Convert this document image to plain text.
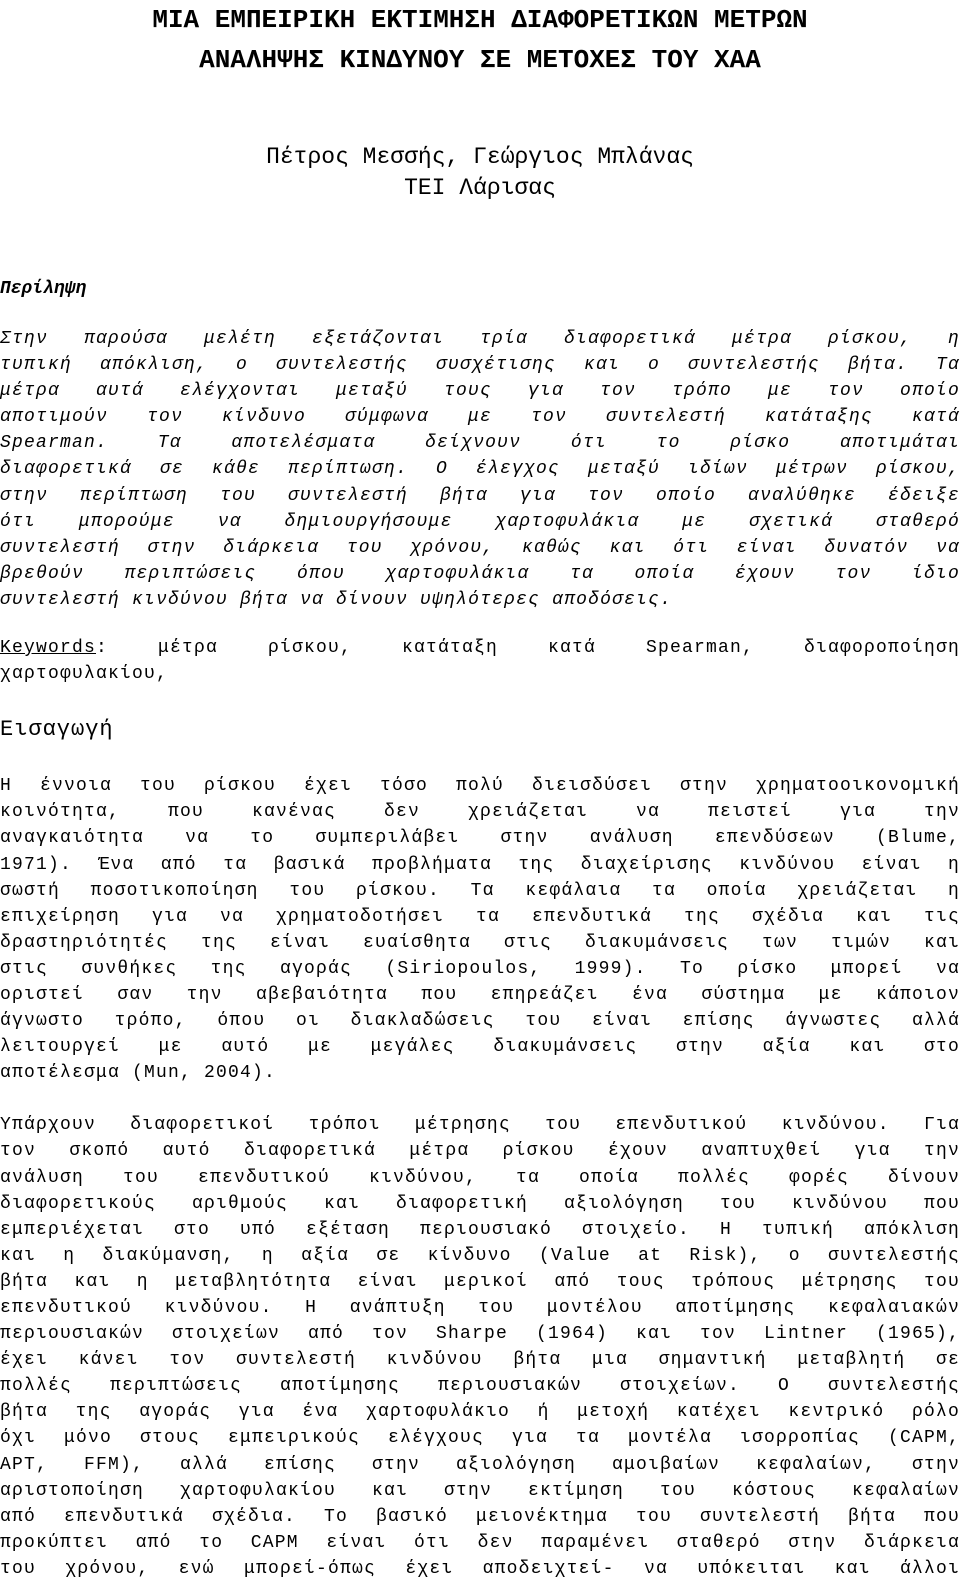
ΜΙΑ ΕΜΠΕΙΡΙΚΗ ΕΚΤΙΜΗΣΗ ΔΙΑΦΟΡΕΤΙΚΩΝ ΜΕΤΡΩΝ
ΑΝΑΛΗΨΗΣ ΚΙΝΔΥΝΟΥ ΣΕ ΜΕΤΟΧΕΣ ΤΟΥ ΧΑΑ
Πέτρος Μεσσής, Γεώργιος Μπλάνας
ΤΕΙ Λάρισας
Περίληψη
Στην παρούσα μελέτη εξετάζονται τρία διαφορετικά μέτρα ρίσκου, η
τυπική απόκλιση, ο συντελεστής συσχέτισης και ο συντελεστής βήτα. Τα
μέτρα αυτά ελέγχονται μεταξύ τους για τον τρόπο με τον οποίο
αποτιμούν τον κίνδυνο σύμφωνα με τον συντελεστή κατάταξης κατά
Spearman. Τα αποτελέσματα δείχνουν ότι το ρίσκο αποτιμάται
διαφορετικά σε κάθε περίπτωση. Ο έλεγχος μεταξύ ιδίων μέτρων ρίσκου,
στην περίπτωση του συντελεστή βήτα για τον οποίο αναλύθηκε έδειξε
ότι μπορούμε να δημιουργήσουμε χαρτοφυλάκια με σχετικά σταθερό
συντελεστή στην διάρκεια του χρόνου, καθώς και ότι είναι δυνατόν να
βρεθούν περιπτώσεις όπου χαρτοφυλάκια τα οποία έχουν τον ίδιο
συντελεστή κινδύνου βήτα να δίνουν υψηλότερες αποδόσεις.
Keywords: μέτρα ρίσκου, κατάταξη κατά Spearman, διαφοροποίηση
χαρτοφυλακίου,
Εισαγωγή
Η έννοια του ρίσκου έχει τόσο πολύ διεισδύσει στην χρηματοοικονομική
κοινότητα, που κανένας δεν χρειάζεται να πειστεί για την
αναγκαιότητα να το συμπεριλάβει στην ανάλυση επενδύσεων (Blume,
1971). Ένα από τα βασικά προβλήματα της διαχείρισης κινδύνου είναι η
σωστή ποσοτικοποίηση του ρίσκου. Τα κεφάλαια τα οποία χρειάζεται η
επιχείρηση για να χρηματοδοτήσει τα επενδυτικά της σχέδια και τις
δραστηριότητές της είναι ευαίσθητα στις διακυμάνσεις των τιμών και
στις συνθήκες της αγοράς (Siriopoulos, 1999). Το ρίσκο μπορεί να
οριστεί σαν την αβεβαιότητα που επηρεάζει ένα σύστημα με κάποιον
άγνωστο τρόπο, όπου οι διακλαδώσεις του είναι επίσης άγνωστες αλλά
λειτουργεί με αυτό με μεγάλες διακυμάνσεις στην αξία και στο
αποτέλεσμα (Mun, 2004).
Υπάρχουν διαφορετικοί τρόποι μέτρησης του επενδυτικού κινδύνου. Για
τον σκοπό αυτό διαφορετικά μέτρα ρίσκου έχουν αναπτυχθεί για την
ανάλυση του επενδυτικού κινδύνου, τα οποία πολλές φορές δίνουν
διαφορετικούς αριθμούς και διαφορετική αξιολόγηση του κινδύνου που
εμπεριέχεται στο υπό εξέταση περιουσιακό στοιχείο. Η τυπική απόκλιση
και η διακύμανση, η αξία σε κίνδυνο (Value at Risk), ο συντελεστής
βήτα και η μεταβλητότητα είναι μερικοί από τους τρόπους μέτρησης του
επενδυτικού κινδύνου. Η ανάπτυξη του μοντέλου αποτίμησης κεφαλαιακών
περιουσιακών στοιχείων από τον Sharpe (1964) και τον Lintner (1965),
έχει κάνει τον συντελεστή κινδύνου βήτα μια σημαντική μεταβλητή σε
πολλές περιπτώσεις αποτίμησης περιουσιακών στοιχείων. Ο συντελεστής
βήτα της αγοράς για ένα χαρτοφυλάκιο ή μετοχή κατέχει κεντρικό ρόλο
όχι μόνο στους εμπειρικούς ελέγχους για τα μοντέλα ισορροπίας (CAPM,
APT, FFM), αλλά επίσης στην αξιολόγηση αμοιβαίων κεφαλαίων, στην
αριστοποίηση χαρτοφυλακίου και στην εκτίμηση του κόστους κεφαλαίων
από επενδυτικά σχέδια. Το βασικό μειονέκτημα του συντελεστή βήτα που
προκύπτει από το CAPM είναι ότι δεν παραμένει σταθερό στην διάρκεια
του χρόνου, ενώ μπορεί-όπως έχει αποδειχτεί- να υπόκειται και άλλοι
